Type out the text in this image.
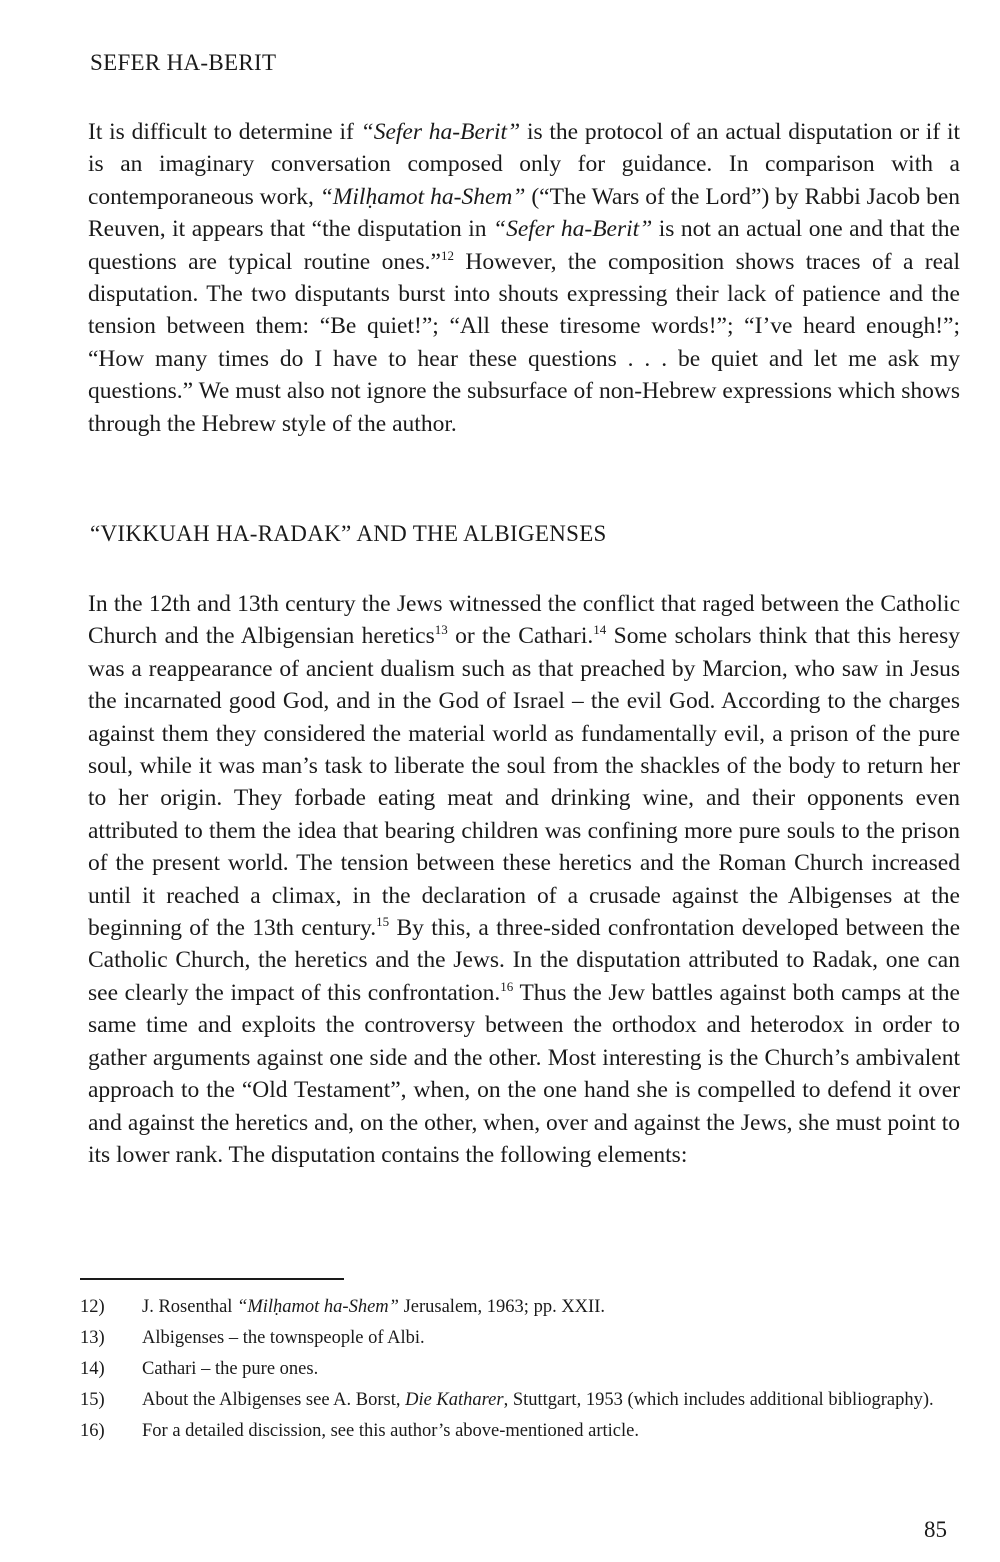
SEFER HA-BERIT

It is difficult to determine if “Sefer ha-Berit” is the protocol of an actual disputation or if it is an imaginary conversation composed only for guidance. In comparison with a contemporaneous work, “Milḥamot ha-Shem” (“The Wars of the Lord”) by Rabbi Jacob ben Reuven, it appears that “the disputation in “Sefer ha-Berit” is not an actual one and that the questions are typical routine ones.”$^{12}$ However, the composition shows traces of a real disputation. The two disputants burst into shouts expressing their lack of patience and the tension between them: “Be quiet!”; “All these tiresome words!”; “I’ve heard enough!”; “How many times do I have to hear these questions . . . be quiet and let me ask my questions.” We must also not ignore the subsurface of non-Hebrew expressions which shows through the Hebrew style of the author.

“VIKKUAH HA-RADAK” AND THE ALBIGENSES

In the 12th and 13th century the Jews witnessed the conflict that raged between the Catholic Church and the Albigensian heretics$^{13}$ or the Cathari.$^{14}$ Some scholars think that this heresy was a reappearance of ancient dualism such as that preached by Marcion, who saw in Jesus the incarnated good God, and in the God of Israel – the evil God. According to the charges against them they considered the material world as fundamentally evil, a prison of the pure soul, while it was man’s task to liberate the soul from the shackles of the body to return her to her origin. They forbade eating meat and drinking wine, and their opponents even attributed to them the idea that bearing children was confining more pure souls to the prison of the present world. The tension between these heretics and the Roman Church increased until it reached a climax, in the declaration of a crusade against the Albigenses at the beginning of the 13th century.$^{15}$ By this, a three-sided confrontation developed between the Catholic Church, the heretics and the Jews. In the disputation attributed to Radak, one can see clearly the impact of this confrontation.$^{16}$ Thus the Jew battles against both camps at the same time and exploits the controversy between the orthodox and heterodox in order to gather arguments against one side and the other. Most interesting is the Church’s ambivalent approach to the “Old Testament”, when, on the one hand she is compelled to defend it over and against the heretics and, on the other, when, over and against the Jews, she must point to its lower rank. The disputation contains the following elements:

12) J. Rosenthal “Milḥamot ha-Shem” Jerusalem, 1963; pp. XXII.
13) Albigenses – the townspeople of Albi.
14) Cathari – the pure ones.
15) About the Albigenses see A. Borst, Die Katharer, Stuttgart, 1953 (which includes additional bibliography).
16) For a detailed discission, see this author’s above-mentioned article.
85
